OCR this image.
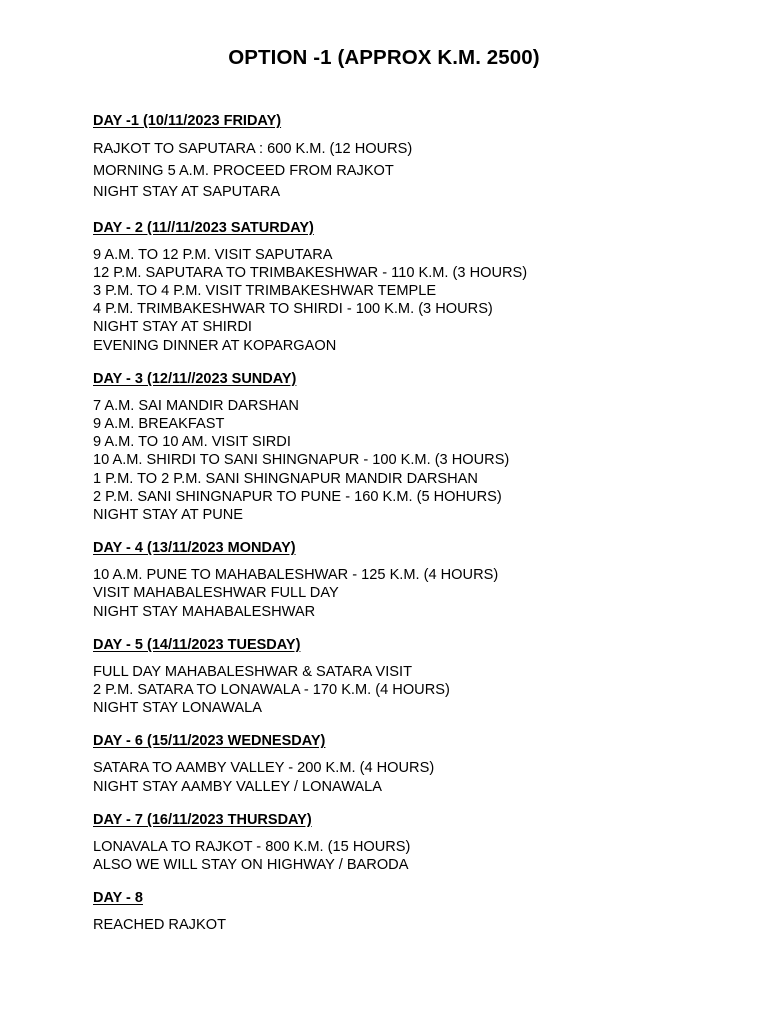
OPTION -1 (APPROX K.M. 2500)
DAY -1 (10/11/2023 FRIDAY)
RAJKOT TO SAPUTARA : 600 K.M. (12 HOURS)
MORNING 5 A.M. PROCEED FROM RAJKOT
NIGHT STAY AT SAPUTARA
DAY - 2 (11//11/2023 SATURDAY)
9 A.M. TO 12 P.M. VISIT SAPUTARA
12 P.M. SAPUTARA TO TRIMBAKESHWAR - 110 K.M. (3 HOURS)
3 P.M. TO 4 P.M. VISIT TRIMBAKESHWAR TEMPLE
4 P.M. TRIMBAKESHWAR TO SHIRDI - 100 K.M. (3 HOURS)
NIGHT STAY AT SHIRDI
EVENING DINNER AT KOPARGAON
DAY - 3 (12/11//2023 SUNDAY)
7 A.M. SAI MANDIR DARSHAN
9 A.M. BREAKFAST
9 A.M. TO 10 AM. VISIT SIRDI
10 A.M. SHIRDI TO SANI SHINGNAPUR - 100 K.M. (3 HOURS)
1 P.M. TO 2 P.M. SANI SHINGNAPUR MANDIR DARSHAN
2 P.M. SANI SHINGNAPUR TO PUNE - 160 K.M. (5 HOHURS)
NIGHT STAY AT PUNE
DAY - 4 (13/11/2023 MONDAY)
10 A.M. PUNE TO MAHABALESHWAR - 125 K.M. (4 HOURS)
VISIT MAHABALESHWAR FULL DAY
NIGHT STAY MAHABALESHWAR
DAY - 5 (14/11/2023 TUESDAY)
FULL DAY MAHABALESHWAR & SATARA VISIT
2 P.M. SATARA TO LONAWALA - 170 K.M. (4 HOURS)
NIGHT STAY LONAWALA
DAY - 6 (15/11/2023 WEDNESDAY)
SATARA TO AAMBY VALLEY - 200 K.M. (4 HOURS)
NIGHT STAY AAMBY VALLEY / LONAWALA
DAY - 7 (16/11/2023 THURSDAY)
LONAVALA TO RAJKOT - 800 K.M. (15 HOURS)
ALSO WE WILL STAY ON HIGHWAY / BARODA
DAY - 8
REACHED RAJKOT
